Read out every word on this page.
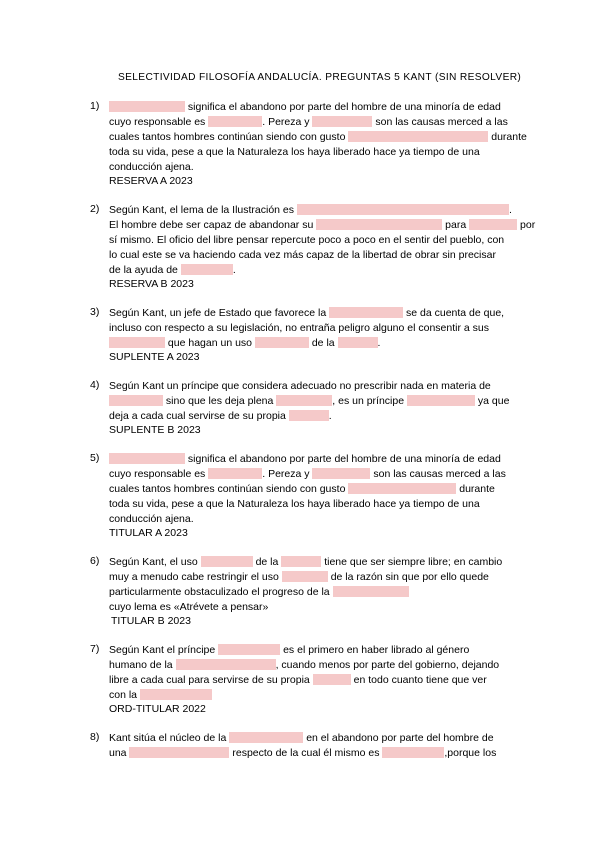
SELECTIVIDAD FILOSOFÍA ANDALUCÍA. PREGUNTAS 5 KANT (SIN RESOLVER)
1)	significa el abandono por parte del hombre de una minoría de edad
cuyo responsable es	. Pereza y	son las causas merced a las
cuales tantos hombres continúan siendo con gusto	durante
toda su vida, pese a que la Naturaleza los haya liberado hace ya tiempo de una
conducción ajena.
RESERVA A 2023
2) Según Kant, el lema de la Ilustración es	.
El hombre debe ser capaz de abandonar su	para	por
sí mismo. El oficio del libre pensar repercute poco a poco en el sentir del pueblo, con
lo cual este se va haciendo cada vez más capaz de la libertad de obrar sin precisar
de la ayuda de	.
RESERVA B 2023
3) Según Kant, un jefe de Estado que favorece la	se da cuenta de que,
incluso con respecto a su legislación, no entraña peligro alguno el consentir a sus
que hagan un uso	de la	.
SUPLENTE A 2023
4) Según Kant un príncipe que considera adecuado no prescribir nada en materia de
sino que les deja plena	, es un príncipe	ya que
deja a cada cual servirse de su propia	.
SUPLENTE B 2023
5)	significa el abandono por parte del hombre de una minoría de edad
cuyo responsable es	. Pereza y	son las causas merced a las
cuales tantos hombres continúan siendo con gusto	durante
toda su vida, pese a que la Naturaleza los haya liberado hace ya tiempo de una
conducción ajena.
TITULAR A 2023
6) Según Kant, el uso	de la	tiene que ser siempre libre; en cambio
muy a menudo cabe restringir el uso	de la razón sin que por ello quede
particularmente obstaculizado el progreso de la
cuyo lema es «Atrévete a pensar»
TITULAR B 2023
7) Según Kant el príncipe	es el primero en haber librado al género
humano de la	, cuando menos por parte del gobierno, dejando
libre a cada cual para servirse de su propia	en todo cuanto tiene que ver
con la
ORD-TITULAR 2022
8) Kant sitúa el núcleo de la	en el abandono por parte del hombre de
una	respecto de la cual él mismo es	,porque los
